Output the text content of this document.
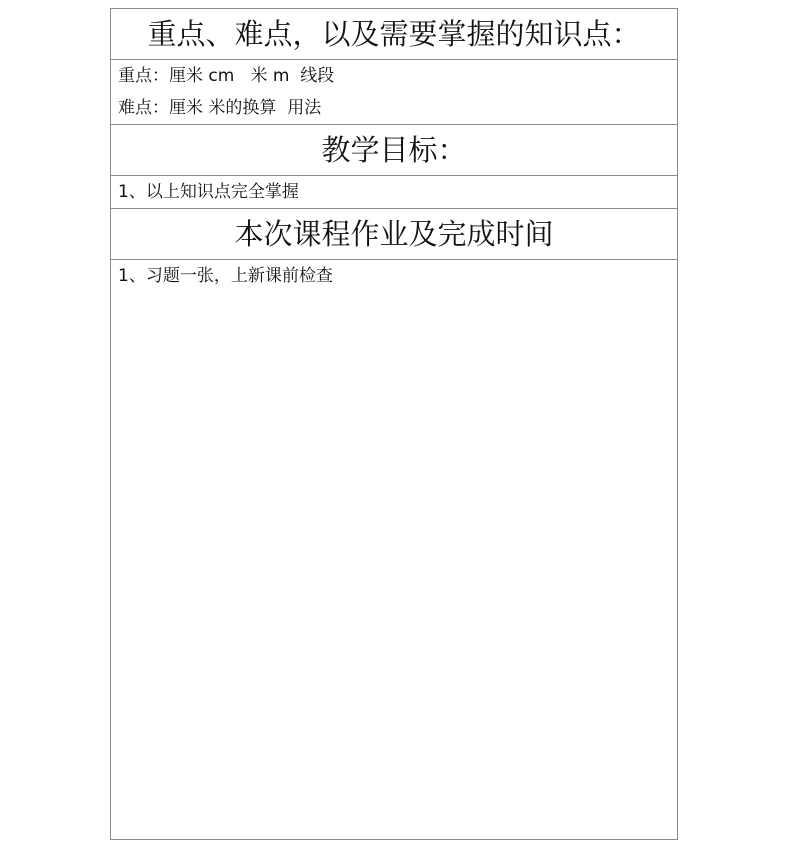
重点、难点，以及需要掌握的知识点：
重点：厘米 cm   米 m  线段
难点：厘米 米的换算  用法
教学目标：
1、以上知识点完全掌握
本次课程作业及完成时间
1、习题一张，上新课前检查
